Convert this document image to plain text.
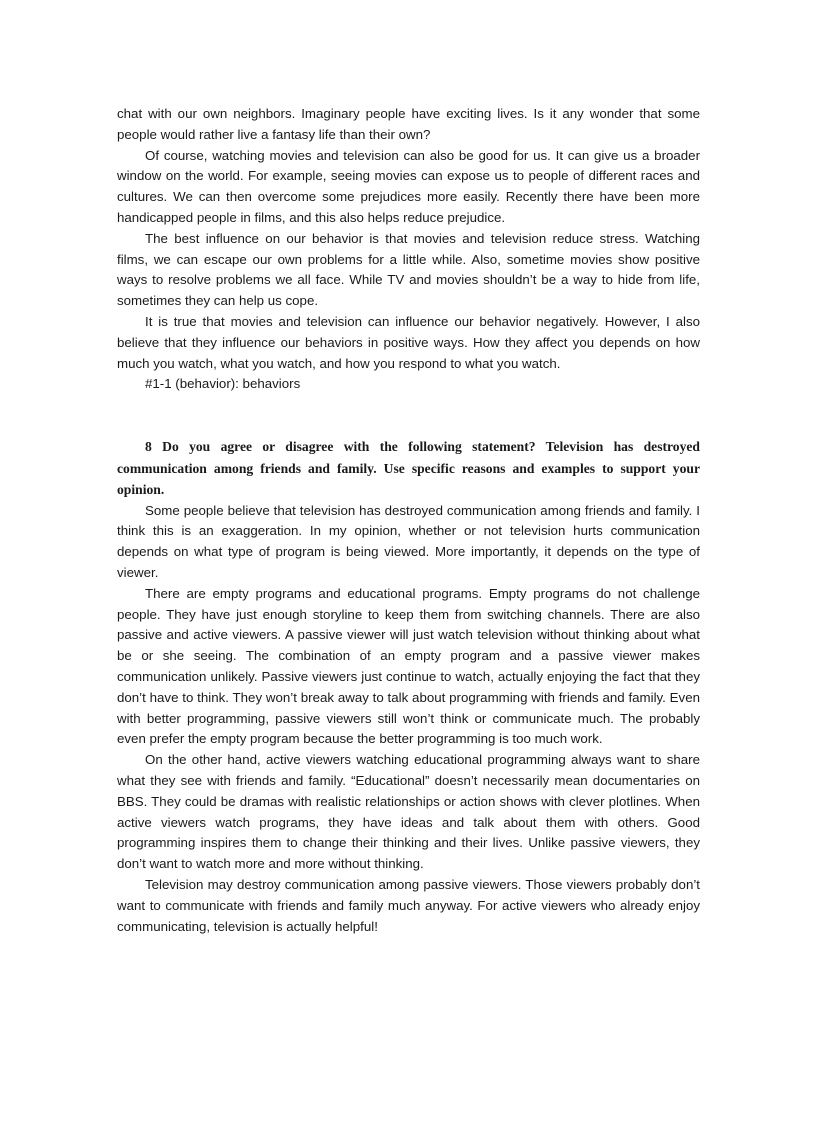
chat with our own neighbors. Imaginary people have exciting lives. Is it any wonder that some people would rather live a fantasy life than their own?

Of course, watching movies and television can also be good for us. It can give us a broader window on the world. For example, seeing movies can expose us to people of different races and cultures. We can then overcome some prejudices more easily. Recently there have been more handicapped people in films, and this also helps reduce prejudice.

The best influence on our behavior is that movies and television reduce stress. Watching films, we can escape our own problems for a little while. Also, sometime movies show positive ways to resolve problems we all face. While TV and movies shouldn’t be a way to hide from life, sometimes they can help us cope.

It is true that movies and television can influence our behavior negatively. However, I also believe that they influence our behaviors in positive ways. How they affect you depends on how much you watch, what you watch, and how you respond to what you watch.

#1-1 (behavior): behaviors

8 Do you agree or disagree with the following statement? Television has destroyed communication among friends and family. Use specific reasons and examples to support your opinion.

Some people believe that television has destroyed communication among friends and family. I think this is an exaggeration. In my opinion, whether or not television hurts communication depends on what type of program is being viewed. More importantly, it depends on the type of viewer.

There are empty programs and educational programs. Empty programs do not challenge people. They have just enough storyline to keep them from switching channels. There are also passive and active viewers. A passive viewer will just watch television without thinking about what be or she seeing. The combination of an empty program and a passive viewer makes communication unlikely. Passive viewers just continue to watch, actually enjoying the fact that they don’t have to think. They won’t break away to talk about programming with friends and family. Even with better programming, passive viewers still won’t think or communicate much. The probably even prefer the empty program because the better programming is too much work.

On the other hand, active viewers watching educational programming always want to share what they see with friends and family. “Educational” doesn’t necessarily mean documentaries on BBS. They could be dramas with realistic relationships or action shows with clever plotlines. When active viewers watch programs, they have ideas and talk about them with others. Good programming inspires them to change their thinking and their lives. Unlike passive viewers, they don’t want to watch more and more without thinking.

Television may destroy communication among passive viewers. Those viewers probably don’t want to communicate with friends and family much anyway. For active viewers who already enjoy communicating, television is actually helpful!
